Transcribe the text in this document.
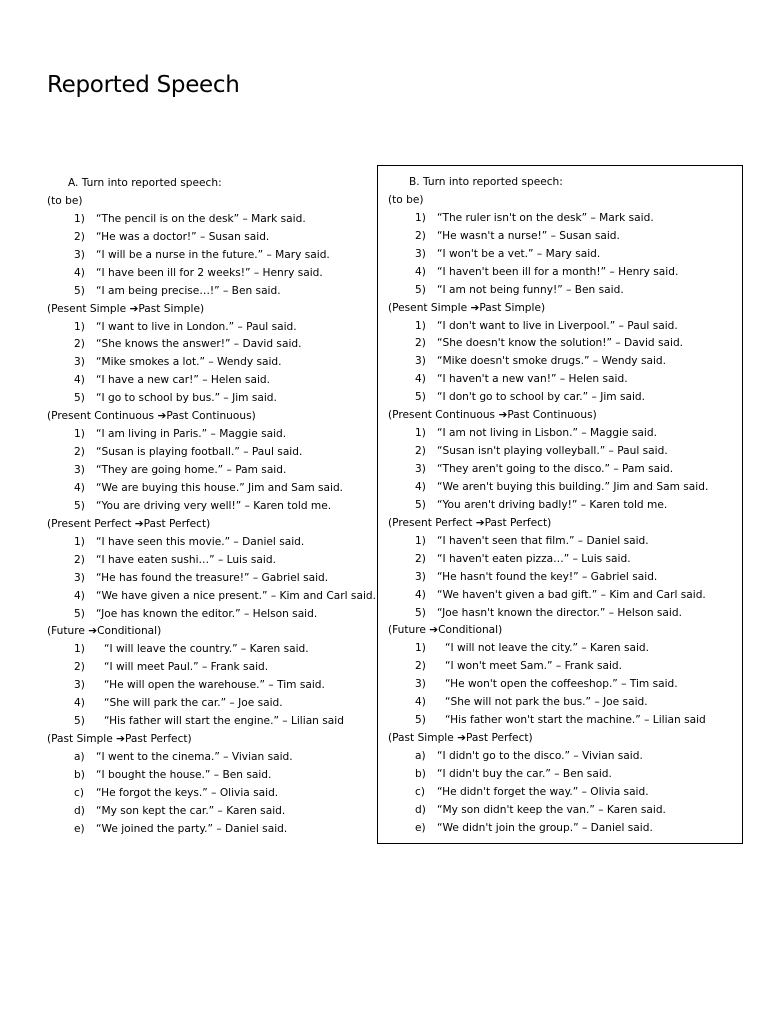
Reported Speech
A. Turn into reported speech:
(to be)
1) “The pencil is on the desk” – Mark said.
2) “He was a doctor!” – Susan said.
3) “I will be a nurse in the future.” – Mary said.
4) “I have been ill for 2 weeks!” – Henry said.
5) “I am being precise…!” – Ben said.
(Pesent Simple ➔Past Simple)
1) “I want to live in London.” – Paul said.
2) “She knows the answer!” – David said.
3) “Mike smokes a lot.” – Wendy said.
4) “I have a new car!” – Helen said.
5) “I go to school by bus.” – Jim said.
(Present Continuous ➔Past Continuous)
1) “I am living in Paris.” – Maggie said.
2) “Susan is playing football.” – Paul said.
3) “They are going home.” – Pam said.
4) “We are buying this house.” Jim and Sam said.
5) “You are driving very well!” – Karen told me.
(Present Perfect ➔Past Perfect)
1) “I have seen this movie.” – Daniel said.
2) “I have eaten sushi…” – Luis said.
3) “He has found the treasure!” – Gabriel said.
4) “We have given a nice present.” – Kim and Carl said.
5) “Joe has known the editor.” – Helson said.
(Future ➔Conditional)
1) “I will leave the country.” – Karen said.
2) “I will meet Paul.” – Frank said.
3) “He will open the warehouse.” – Tim said.
4) “She will park the car.” – Joe said.
5) “His father will start the engine.” – Lilian said
(Past Simple ➔Past Perfect)
a) “I went to the cinema.” – Vivian said.
b) “I bought the house.” – Ben said.
c) “He forgot the keys.” – Olivia said.
d) “My son kept the car.” – Karen said.
e) “We joined the party.” – Daniel said.
B. Turn into reported speech:
(to be)
1) “The ruler isn't on the desk” – Mark said.
2) “He wasn't a nurse!” – Susan said.
3) “I won't be a vet.” – Mary said.
4) “I haven't been ill for a month!” – Henry said.
5) “I am not being funny!” – Ben said.
(Pesent Simple ➔Past Simple)
1) “I don't want to live in Liverpool.” – Paul said.
2) “She doesn't know the solution!” – David said.
3) “Mike doesn't smoke drugs.” – Wendy said.
4) “I haven't a new van!” – Helen said.
5) “I don't go to school by car.” – Jim said.
(Present Continuous ➔Past Continuous)
1) “I am not living in Lisbon.” – Maggie said.
2) “Susan isn't playing volleyball.” – Paul said.
3) “They aren't going to the disco.” – Pam said.
4) “We aren't buying this building.” Jim and Sam said.
5) “You aren't driving badly!” – Karen told me.
(Present Perfect ➔Past Perfect)
1) “I haven't seen that film.” – Daniel said.
2) “I haven't eaten pizza…” – Luis said.
3) “He hasn't found the key!” – Gabriel said.
4) “We haven't given a bad gift.” – Kim and Carl said.
5) “Joe hasn't known the director.” – Helson said.
(Future ➔Conditional)
1) “I will not leave the city.” – Karen said.
2) “I won't meet Sam.” – Frank said.
3) “He won't open the coffeeshop.” – Tim said.
4) “She will not park the bus.” – Joe said.
5) “His father won't start the machine.” – Lilian said
(Past Simple ➔Past Perfect)
a) “I didn't go to the disco.” – Vivian said.
b) “I didn't buy the car.” – Ben said.
c) “He didn't forget the way.” – Olivia said.
d) “My son didn't keep the van.” – Karen said.
e) “We didn't join the group.” – Daniel said.
